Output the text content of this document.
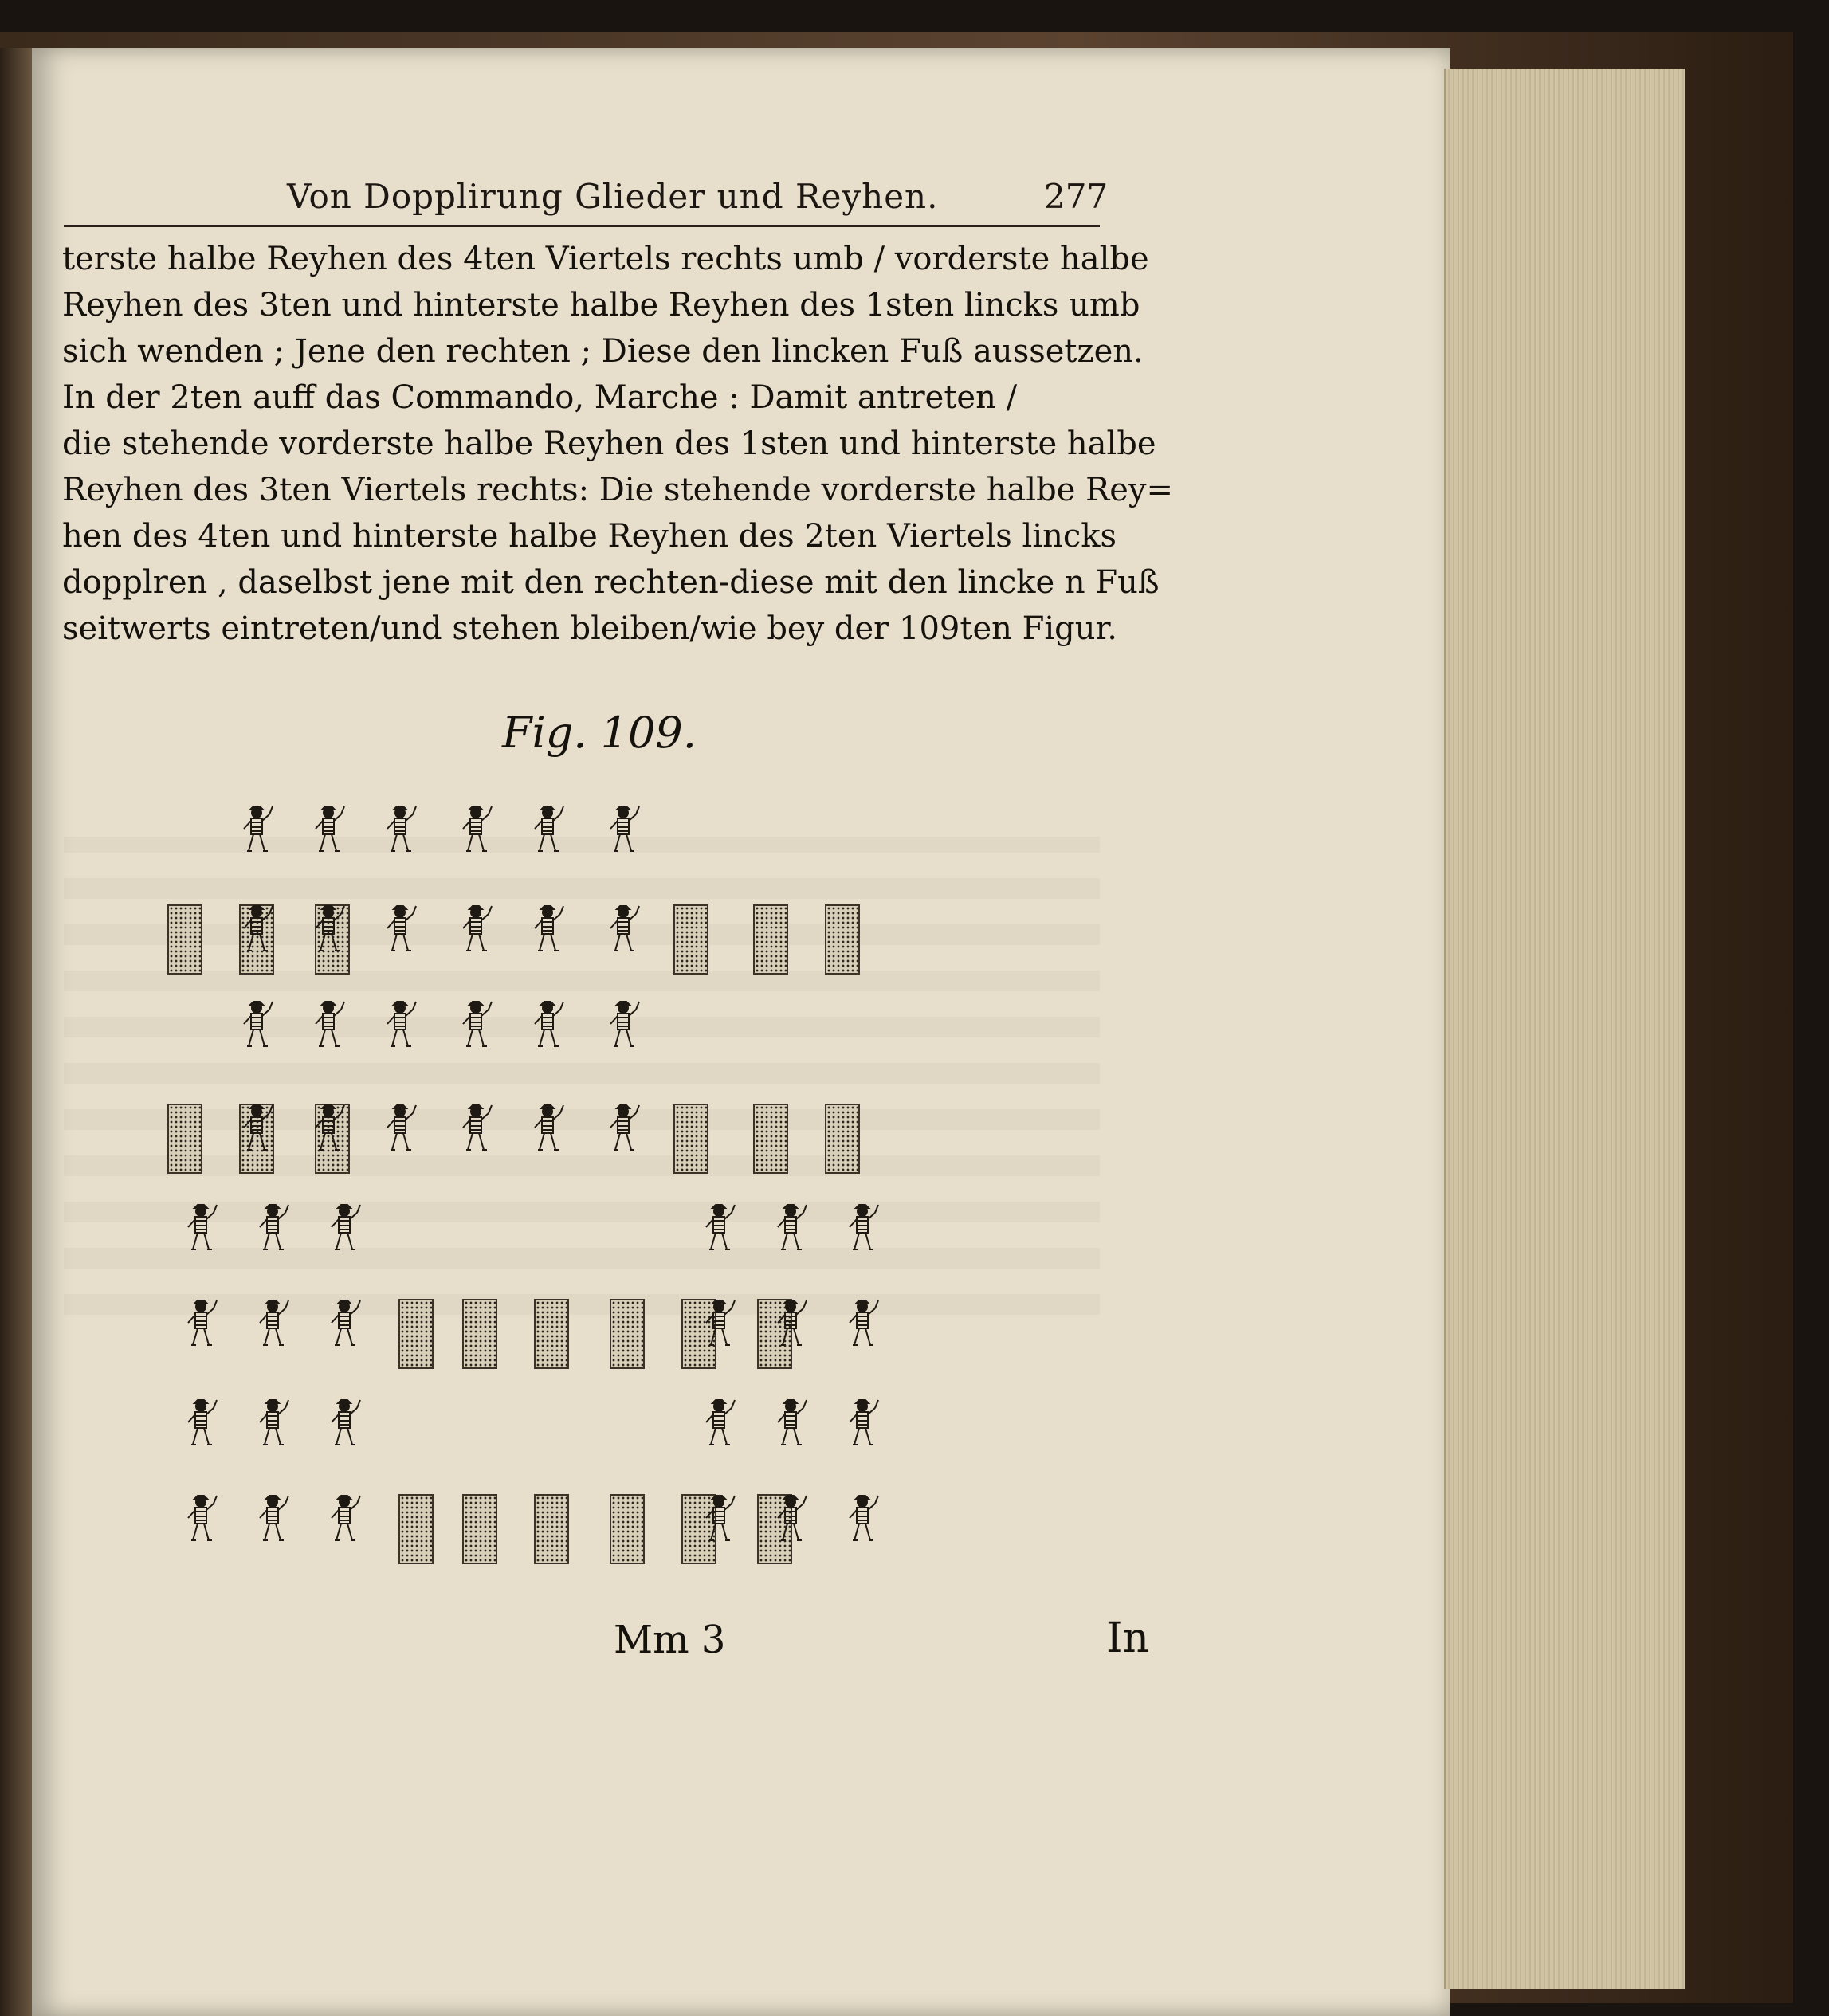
Von Dopplirung Glieder und Reyhen.	277
terste halbe Reyhen des 4ten Viertels rechts umb / vorderste halbe
Reyhen des 3ten und hinterste halbe Reyhen des 1sten lincks umb
sich wenden ; Jene den rechten ; Diese den lincken Fuß aussetzen.
In der 2ten auff das Commando, Marche : Damit antreten /
die stehende vorderste halbe Reyhen des 1sten und hinterste halbe
Reyhen des 3ten Viertels rechts: Die stehende vorderste halbe Rey=
hen des 4ten und hinterste halbe Reyhen des 2ten Viertels lincks
dopplren , daselbst jene mit den rechten-diese mit den lincke n Fuß
seitwerts eintreten/und stehen bleiben/wie bey der 109ten Figur.
Fig. 109.
Mm 3	In
